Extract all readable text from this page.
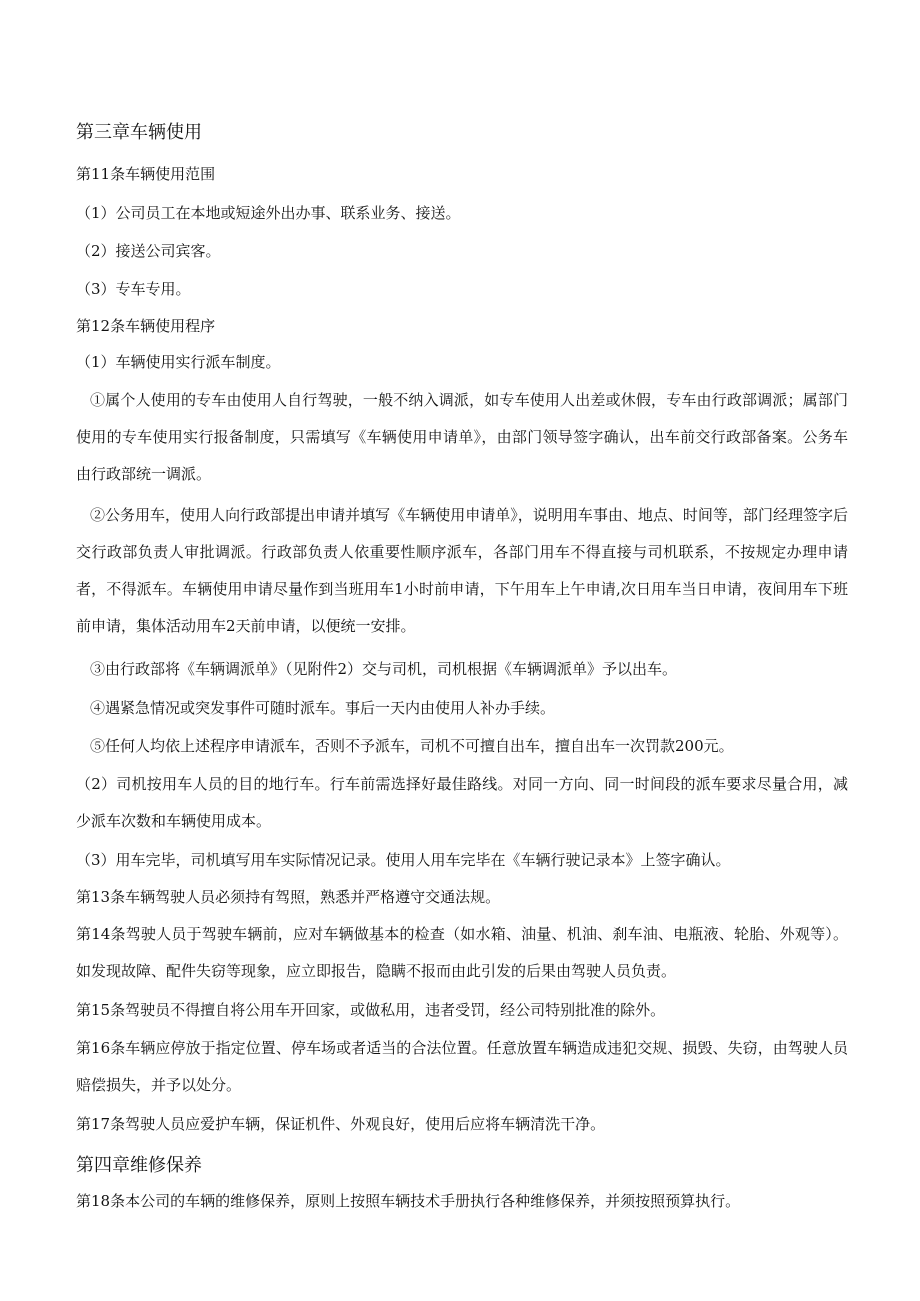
第三章车辆使用
第11条车辆使用范围
（1）公司员工在本地或短途外出办事、联系业务、接送。
（2）接送公司宾客。
（3）专车专用。
第12条车辆使用程序
（1）车辆使用实行派车制度。
①属个人使用的专车由使用人自行驾驶，一般不纳入调派，如专车使用人出差或休假，专车由行政部调派；属部门使用的专车使用实行报备制度，只需填写《车辆使用申请单》，由部门领导签字确认，出车前交行政部备案。公务车由行政部统一调派。
②公务用车，使用人向行政部提出申请并填写《车辆使用申请单》，说明用车事由、地点、时间等，部门经理签字后交行政部负责人审批调派。行政部负责人依重要性顺序派车，各部门用车不得直接与司机联系，不按规定办理申请者，不得派车。车辆使用申请尽量作到当班用车1小时前申请，下午用车上午申请,次日用车当日申请，夜间用车下班前申请，集体活动用车2天前申请，以便统一安排。
③由行政部将《车辆调派单》（见附件2）交与司机，司机根据《车辆调派单》予以出车。
④遇紧急情况或突发事件可随时派车。事后一天内由使用人补办手续。
⑤任何人均依上述程序申请派车，否则不予派车，司机不可擅自出车，擅自出车一次罚款200元。
（2）司机按用车人员的目的地行车。行车前需选择好最佳路线。对同一方向、同一时间段的派车要求尽量合用，减少派车次数和车辆使用成本。
（3）用车完毕，司机填写用车实际情况记录。使用人用车完毕在《车辆行驶记录本》上签字确认。
第13条车辆驾驶人员必须持有驾照，熟悉并严格遵守交通法规。
第14条驾驶人员于驾驶车辆前，应对车辆做基本的检查（如水箱、油量、机油、刹车油、电瓶液、轮胎、外观等）。如发现故障、配件失窃等现象，应立即报告，隐瞒不报而由此引发的后果由驾驶人员负责。
第15条驾驶员不得擅自将公用车开回家，或做私用，违者受罚，经公司特别批准的除外。
第16条车辆应停放于指定位置、停车场或者适当的合法位置。任意放置车辆造成违犯交规、损毁、失窃，由驾驶人员赔偿损失，并予以处分。
第17条驾驶人员应爱护车辆，保证机件、外观良好，使用后应将车辆清洗干净。
第四章维修保养
第18条本公司的车辆的维修保养，原则上按照车辆技术手册执行各种维修保养，并须按照预算执行。
